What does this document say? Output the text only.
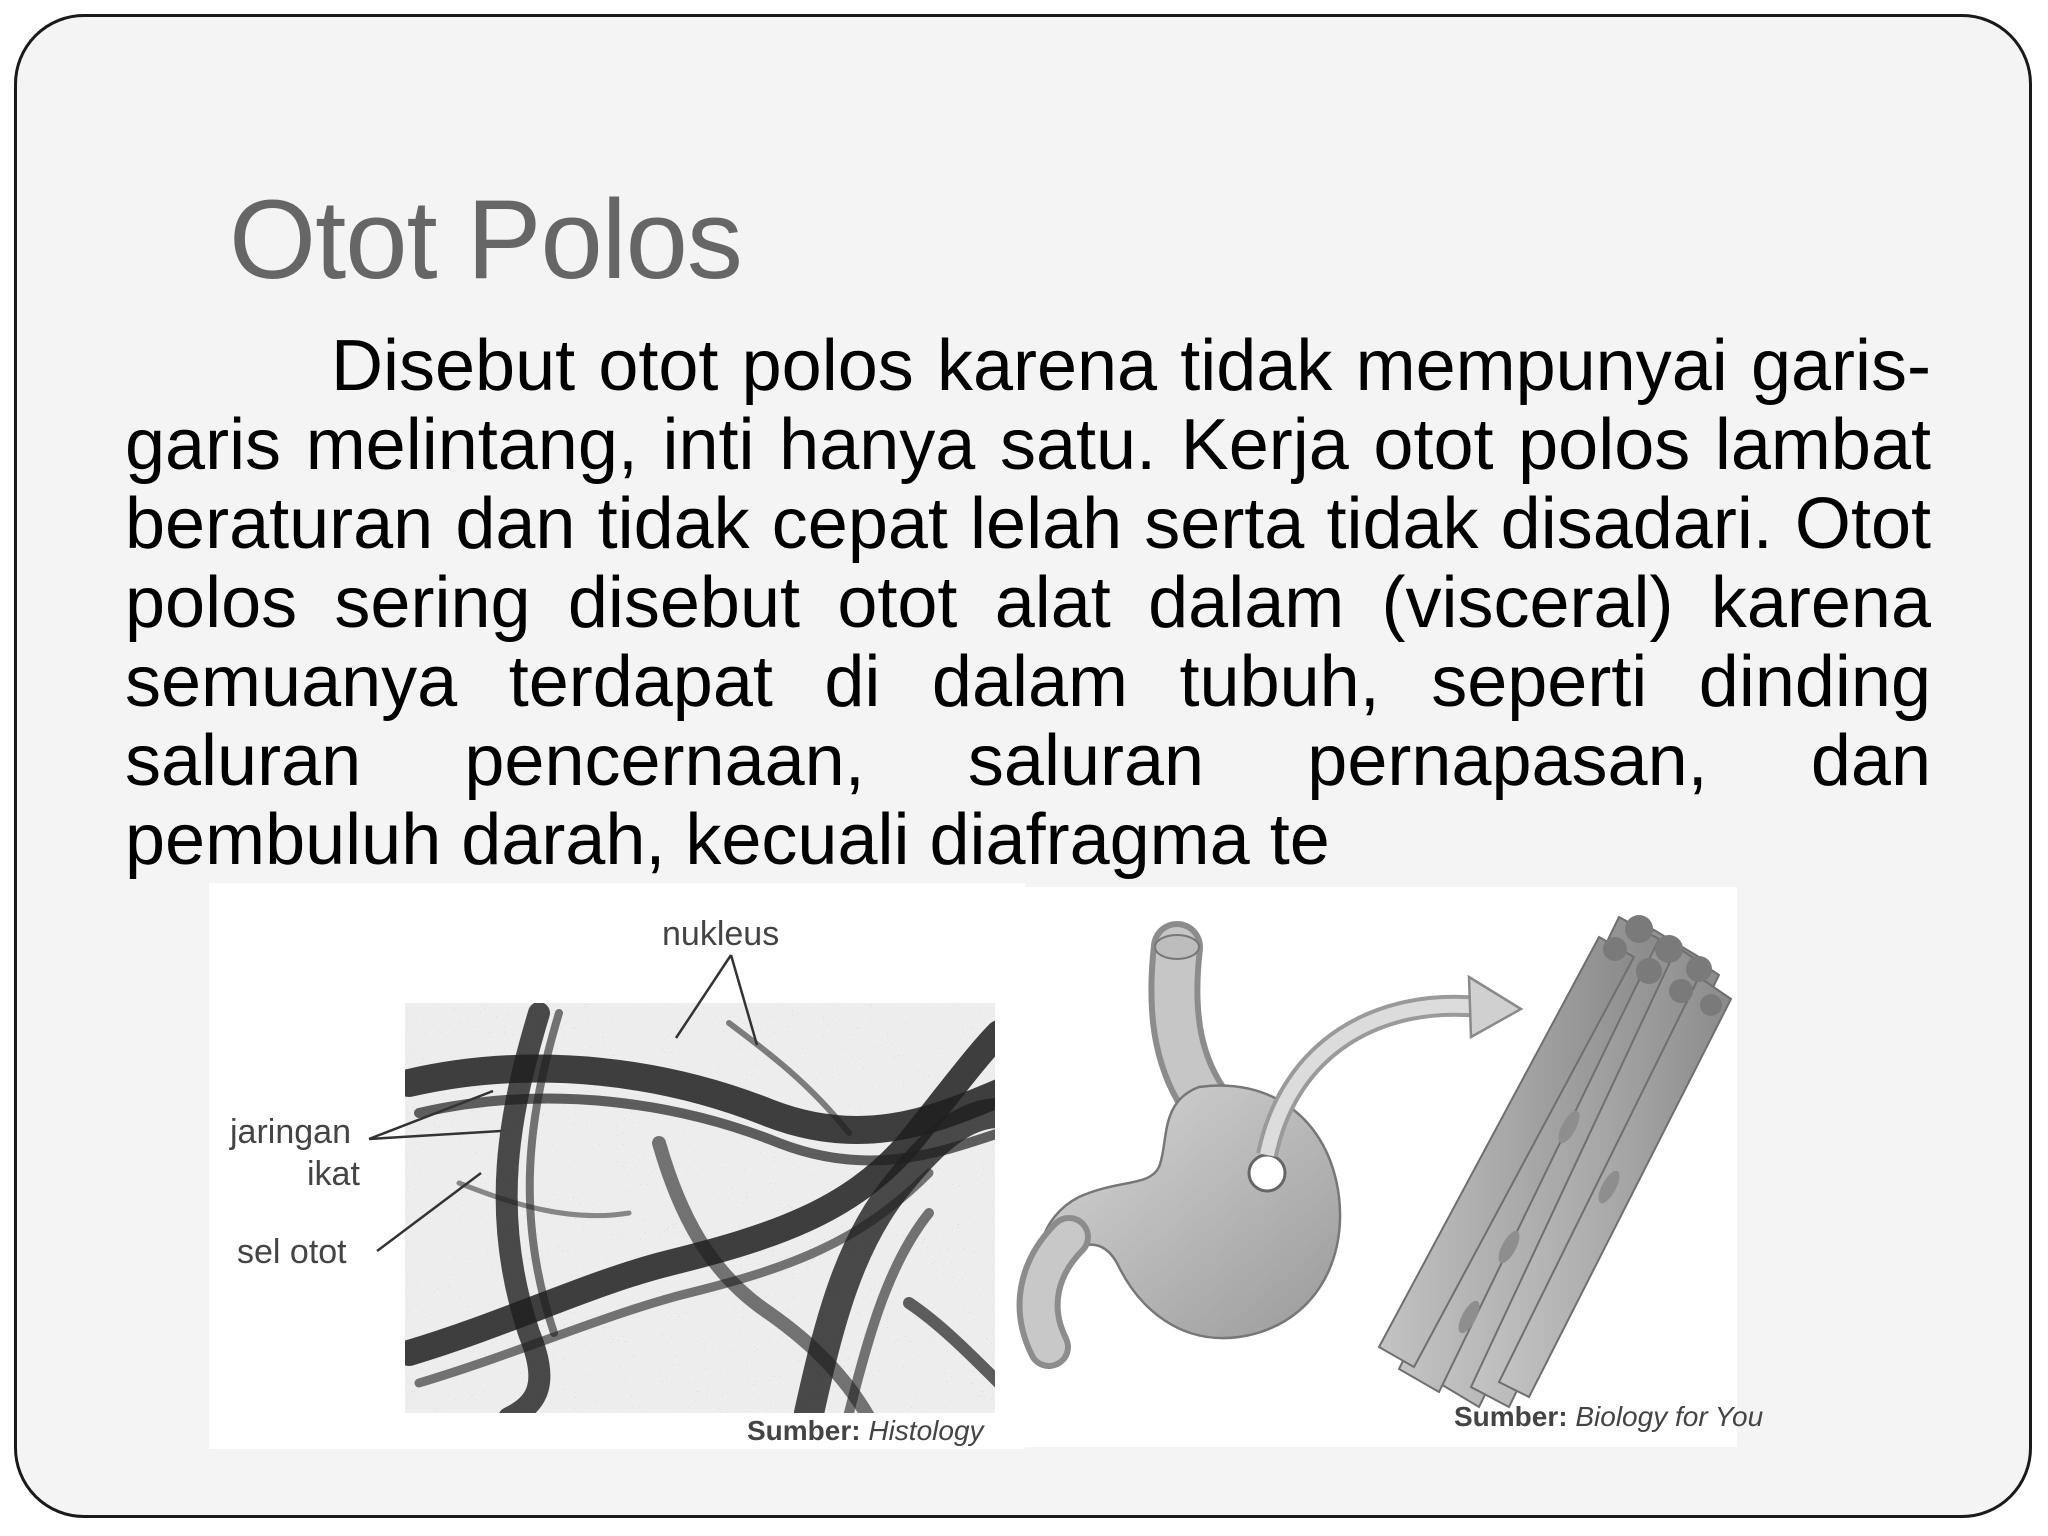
Otot Polos

Disebut otot polos karena tidak mempunyai garis-garis melintang, inti hanya satu. Kerja otot polos lambat beraturan dan tidak cepat lelah serta tidak disadari. Otot polos sering disebut otot alat dalam (visceral) karena semuanya terdapat di dalam tubuh, seperti dinding saluran pencernaan, saluran pernapasan, dan pembuluh darah, kecuali diafragma te

nukleus
jaringan
ikat
sel otot
Sumber: Histology	Sumber: Biology for You
